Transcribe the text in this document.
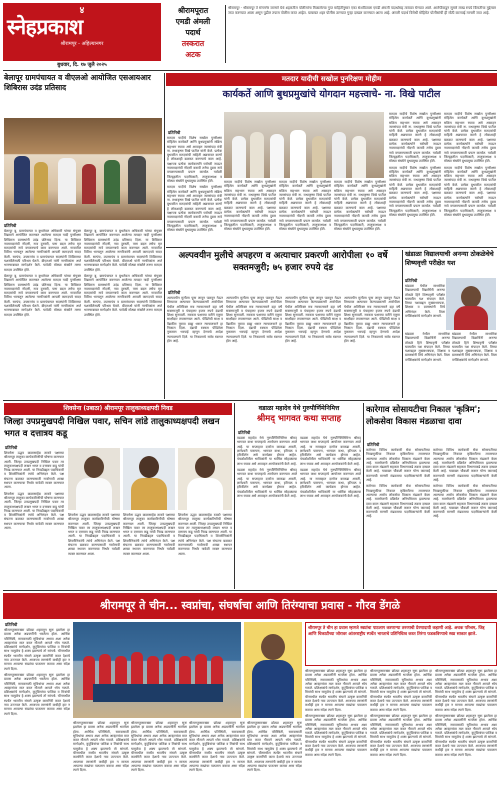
४
स्नेहप्रकाश
श्रीरामपूर - अहिल्यानगर
बुधवार, दि. १७ जुलै २०२५
श्रीरामपूरात
एमडी अंमली
पदार्थ
तस्करात
अटक

श्रीरामपूर - श्रीरामपूर ते संगमनेर जाणारे येथे शहरातील पोलीसांना मिळालेल्या गुप्त माहितीनुसार एका संशयिताला एमडी अंमली पदार्थासह ताब्यात घेण्यात आले. आरोपीकडून सुमारे लाख रुपये किंमतीचा मुद्देमाल जप्त करण्यात आला असून पुढील तपास पोलीस करत आहेत. याबाबत शहर पोलीस ठाण्यात गुन्हा दाखल करण्यात आला आहे. अंमली पदार्थ विरोधी मोहिमेत पोलीसांची ही मोठी कारवाई मानली जात आहे.

बेलापूर ग्रामपंचायत व वीएलओ आयोजित एसआयआर शिबिरास उदंड प्रतिसाद
प्रतिनिधी

बेलापूर बु. ग्रामपंचायत व बुथलेवल अधिकारी यांच्या संयुक्त विद्यमाने आयोजित करण्यात आलेल्या मतदार यादी पुनरीक्षण शिबिरास ग्रामस्थांनी उदंड प्रतिसाद दिला. या शिबिरात नवमतदारांची नोंदणी, नाव दुरुस्ती, पत्ता बदल तसेच मृत मतदारांची नावे वगळण्याचे काम करण्यात आले. गावातील विविध भागातून आलेल्या नागरिकांनी आपली कागदपत्रे सादर केली. सरपंच, उपसरपंच व ग्रामपंचायत सदस्यांनी शिबिराच्या यशस्वीतेसाठी परिश्रम घेतले. बीएलओ यांनी नागरिकांना अर्ज भरण्याबाबत मार्गदर्शन केले. यावेळी मोठ्या संख्येने तरुण मतदार उपस्थित होते.

बेलापूर बु. ग्रामपंचायत व बुथलेवल अधिकारी यांच्या संयुक्त विद्यमाने आयोजित करण्यात आलेल्या मतदार यादी पुनरीक्षण शिबिरास ग्रामस्थांनी उदंड प्रतिसाद दिला. या शिबिरात नवमतदारांची नोंदणी, नाव दुरुस्ती, पत्ता बदल तसेच मृत मतदारांची नावे वगळण्याचे काम करण्यात आले. गावातील विविध भागातून आलेल्या नागरिकांनी आपली कागदपत्रे सादर केली. सरपंच, उपसरपंच व ग्रामपंचायत सदस्यांनी शिबिराच्या यशस्वीतेसाठी परिश्रम घेतले. बीएलओ यांनी नागरिकांना अर्ज भरण्याबाबत मार्गदर्शन केले. यावेळी मोठ्या संख्येने तरुण मतदार उपस्थित होते.

बेलापूर बु. ग्रामपंचायत व बुथलेवल अधिकारी यांच्या संयुक्त विद्यमाने आयोजित करण्यात आलेल्या मतदार यादी पुनरीक्षण शिबिरास ग्रामस्थांनी उदंड प्रतिसाद दिला. या शिबिरात नवमतदारांची नोंदणी, नाव दुरुस्ती, पत्ता बदल तसेच मृत मतदारांची नावे वगळण्याचे काम करण्यात आले. गावातील विविध भागातून आलेल्या नागरिकांनी आपली कागदपत्रे सादर केली. सरपंच, उपसरपंच व ग्रामपंचायत सदस्यांनी शिबिराच्या यशस्वीतेसाठी परिश्रम घेतले. बीएलओ यांनी नागरिकांना अर्ज भरण्याबाबत मार्गदर्शन केले. यावेळी मोठ्या संख्येने तरुण मतदार उपस्थित होते.

बेलापूर बु. ग्रामपंचायत व बुथलेवल अधिकारी यांच्या संयुक्त विद्यमाने आयोजित करण्यात आलेल्या मतदार यादी पुनरीक्षण शिबिरास ग्रामस्थांनी उदंड प्रतिसाद दिला. या शिबिरात नवमतदारांची नोंदणी, नाव दुरुस्ती, पत्ता बदल तसेच मृत मतदारांची नावे वगळण्याचे काम करण्यात आले. गावातील विविध भागातून आलेल्या नागरिकांनी आपली कागदपत्रे सादर केली. सरपंच, उपसरपंच व ग्रामपंचायत सदस्यांनी शिबिराच्या यशस्वीतेसाठी परिश्रम घेतले. बीएलओ यांनी नागरिकांना अर्ज भरण्याबाबत मार्गदर्शन केले. यावेळी मोठ्या संख्येने तरुण मतदार उपस्थित होते.

मतदार यादीची सखोल पुनरिक्षण मोहीम
कार्यकर्ते आणि बुथप्रमुखांचे योगदान महत्त्वाचे- ना. विखे पाटील
प्रतिनिधी

मतदार यादीचे विशेष सखोल पुनरीक्षण मोहिमेत कार्यकर्ते आणि बुथप्रमुखांनी सक्रिय सहभाग घ्यावा असे आवाहन जलसंपदा मंत्री ना. राधाकृष्ण विखे पाटील यांनी केले. प्रत्येक बुथवरील मतदारांची माहिती अद्ययावत करणे हे लोकशाही बळकट करण्याचे काम आहे. पक्षाच्या प्रत्येक कार्यकर्त्याने घरोघरी जाऊन नवमतदारांची नोंदणी करावी तसेच दुबार नावे वगळण्यासाठी प्रयत्न करावेत. यावेळी जिल्ह्यातील पदाधिकारी, तालुकाध्यक्ष व मोठ्या संख्येने बुथप्रमुख उपस्थित होते.

मतदार यादीचे विशेष सखोल पुनरीक्षण मोहिमेत कार्यकर्ते आणि बुथप्रमुखांनी सक्रिय सहभाग घ्यावा असे आवाहन जलसंपदा मंत्री ना. राधाकृष्ण विखे पाटील यांनी केले. प्रत्येक बुथवरील मतदारांची माहिती अद्ययावत करणे हे लोकशाही बळकट करण्याचे काम आहे. पक्षाच्या प्रत्येक कार्यकर्त्याने घरोघरी जाऊन नवमतदारांची नोंदणी करावी तसेच दुबार नावे वगळण्यासाठी प्रयत्न करावेत. यावेळी जिल्ह्यातील पदाधिकारी, तालुकाध्यक्ष व मोठ्या संख्येने बुथप्रमुख उपस्थित होते.

मतदार यादीचे विशेष सखोल पुनरीक्षण मोहिमेत कार्यकर्ते आणि बुथप्रमुखांनी सक्रिय सहभाग घ्यावा असे आवाहन जलसंपदा मंत्री ना. राधाकृष्ण विखे पाटील यांनी केले. प्रत्येक बुथवरील मतदारांची माहिती अद्ययावत करणे हे लोकशाही बळकट करण्याचे काम आहे. पक्षाच्या प्रत्येक कार्यकर्त्याने घरोघरी जाऊन नवमतदारांची नोंदणी करावी तसेच दुबार नावे वगळण्यासाठी प्रयत्न करावेत. यावेळी जिल्ह्यातील पदाधिकारी, तालुकाध्यक्ष व मोठ्या संख्येने बुथप्रमुख उपस्थित होते.

मतदार यादीचे विशेष सखोल पुनरीक्षण मोहिमेत कार्यकर्ते आणि बुथप्रमुखांनी सक्रिय सहभाग घ्यावा असे आवाहन जलसंपदा मंत्री ना. राधाकृष्ण विखे पाटील यांनी केले. प्रत्येक बुथवरील मतदारांची माहिती अद्ययावत करणे हे लोकशाही बळकट करण्याचे काम आहे. पक्षाच्या प्रत्येक कार्यकर्त्याने घरोघरी जाऊन नवमतदारांची नोंदणी करावी तसेच दुबार नावे वगळण्यासाठी प्रयत्न करावेत. यावेळी जिल्ह्यातील पदाधिकारी, तालुकाध्यक्ष व मोठ्या संख्येने बुथप्रमुख उपस्थित होते.

मतदार यादीचे विशेष सखोल पुनरीक्षण मोहिमेत कार्यकर्ते आणि बुथप्रमुखांनी सक्रिय सहभाग घ्यावा असे आवाहन जलसंपदा मंत्री ना. राधाकृष्ण विखे पाटील यांनी केले. प्रत्येक बुथवरील मतदारांची माहिती अद्ययावत करणे हे लोकशाही बळकट करण्याचे काम आहे. पक्षाच्या प्रत्येक कार्यकर्त्याने घरोघरी जाऊन नवमतदारांची नोंदणी करावी तसेच दुबार नावे वगळण्यासाठी प्रयत्न करावेत. यावेळी जिल्ह्यातील पदाधिकारी, तालुकाध्यक्ष व मोठ्या संख्येने बुथप्रमुख उपस्थित होते.

मतदार यादीचे विशेष सखोल पुनरीक्षण मोहिमेत कार्यकर्ते आणि बुथप्रमुखांनी सक्रिय सहभाग घ्यावा असे आवाहन जलसंपदा मंत्री ना. राधाकृष्ण विखे पाटील यांनी केले. प्रत्येक बुथवरील मतदारांची माहिती अद्ययावत करणे हे लोकशाही बळकट करण्याचे काम आहे. पक्षाच्या प्रत्येक कार्यकर्त्याने घरोघरी जाऊन नवमतदारांची नोंदणी करावी तसेच दुबार नावे वगळण्यासाठी प्रयत्न करावेत. यावेळी जिल्ह्यातील पदाधिकारी, तालुकाध्यक्ष व मोठ्या संख्येने बुथप्रमुख उपस्थित होते.

मतदार यादीचे विशेष सखोल पुनरीक्षण मोहिमेत कार्यकर्ते आणि बुथप्रमुखांनी सक्रिय सहभाग घ्यावा असे आवाहन जलसंपदा मंत्री ना. राधाकृष्ण विखे पाटील यांनी केले. प्रत्येक बुथवरील मतदारांची माहिती अद्ययावत करणे हे लोकशाही बळकट करण्याचे काम आहे. पक्षाच्या प्रत्येक कार्यकर्त्याने घरोघरी जाऊन नवमतदारांची नोंदणी करावी तसेच दुबार नावे वगळण्यासाठी प्रयत्न करावेत. यावेळी जिल्ह्यातील पदाधिकारी, तालुकाध्यक्ष व मोठ्या संख्येने बुथप्रमुख उपस्थित होते.

मतदार यादीचे विशेष सखोल पुनरीक्षण मोहिमेत कार्यकर्ते आणि बुथप्रमुखांनी सक्रिय सहभाग घ्यावा असे आवाहन जलसंपदा मंत्री ना. राधाकृष्ण विखे पाटील यांनी केले. प्रत्येक बुथवरील मतदारांची माहिती अद्ययावत करणे हे लोकशाही बळकट करण्याचे काम आहे. पक्षाच्या प्रत्येक कार्यकर्त्याने घरोघरी जाऊन नवमतदारांची नोंदणी करावी तसेच दुबार नावे वगळण्यासाठी प्रयत्न करावेत. यावेळी जिल्ह्यातील पदाधिकारी, तालुकाध्यक्ष व मोठ्या संख्येने बुथप्रमुख उपस्थित होते.

मतदार यादीचे विशेष सखोल पुनरीक्षण मोहिमेत कार्यकर्ते आणि बुथप्रमुखांनी सक्रिय सहभाग घ्यावा असे आवाहन जलसंपदा मंत्री ना. राधाकृष्ण विखे पाटील यांनी केले. प्रत्येक बुथवरील मतदारांची माहिती अद्ययावत करणे हे लोकशाही बळकट करण्याचे काम आहे. पक्षाच्या प्रत्येक कार्यकर्त्याने घरोघरी जाऊन नवमतदारांची नोंदणी करावी तसेच दुबार नावे वगळण्यासाठी प्रयत्न करावेत. यावेळी जिल्ह्यातील पदाधिकारी, तालुकाध्यक्ष व मोठ्या संख्येने बुथप्रमुख उपस्थित होते.

अल्पवयीन मुलीचे अपहरण व अत्याचार प्रकरणी आरोपीला १० वर्षे सक्तमजुरी; ७५ हजार रुपये दंड
प्रतिनिधी

अल्पवयीन मुलीला फूस लावून पळवून नेऊन तिच्यावर अत्याचार केल्याप्रकरणी आरोपीला येथील अतिरिक्त सत्र न्यायालयाने दहा वर्षे सक्तमजुरी व पंचाहत्तर हजार रुपये दंडाची शिक्षा सुनावली. सरकार पक्षाच्या वतीने एकूण साक्षीदार तपासण्यात आले. पीडितेची साक्ष व वैद्यकीय पुरावा ग्राह्य धरून न्यायालयाने हा निकाल दिला. दंडाची रक्कम पीडितेला नुकसान भरपाई म्हणून देण्याचे आदेश न्यायालयाने दिले. या निकालाचे सर्वत्र स्वागत होत आहे.

अल्पवयीन मुलीला फूस लावून पळवून नेऊन तिच्यावर अत्याचार केल्याप्रकरणी आरोपीला येथील अतिरिक्त सत्र न्यायालयाने दहा वर्षे सक्तमजुरी व पंचाहत्तर हजार रुपये दंडाची शिक्षा सुनावली. सरकार पक्षाच्या वतीने एकूण साक्षीदार तपासण्यात आले. पीडितेची साक्ष व वैद्यकीय पुरावा ग्राह्य धरून न्यायालयाने हा निकाल दिला. दंडाची रक्कम पीडितेला नुकसान भरपाई म्हणून देण्याचे आदेश न्यायालयाने दिले. या निकालाचे सर्वत्र स्वागत होत आहे.

अल्पवयीन मुलीला फूस लावून पळवून नेऊन तिच्यावर अत्याचार केल्याप्रकरणी आरोपीला येथील अतिरिक्त सत्र न्यायालयाने दहा वर्षे सक्तमजुरी व पंचाहत्तर हजार रुपये दंडाची शिक्षा सुनावली. सरकार पक्षाच्या वतीने एकूण साक्षीदार तपासण्यात आले. पीडितेची साक्ष व वैद्यकीय पुरावा ग्राह्य धरून न्यायालयाने हा निकाल दिला. दंडाची रक्कम पीडितेला नुकसान भरपाई म्हणून देण्याचे आदेश न्यायालयाने दिले. या निकालाचे सर्वत्र स्वागत होत आहे.

अल्पवयीन मुलीला फूस लावून पळवून नेऊन तिच्यावर अत्याचार केल्याप्रकरणी आरोपीला येथील अतिरिक्त सत्र न्यायालयाने दहा वर्षे सक्तमजुरी व पंचाहत्तर हजार रुपये दंडाची शिक्षा सुनावली. सरकार पक्षाच्या वतीने एकूण साक्षीदार तपासण्यात आले. पीडितेची साक्ष व वैद्यकीय पुरावा ग्राह्य धरून न्यायालयाने हा निकाल दिला. दंडाची रक्कम पीडितेला नुकसान भरपाई म्हणून देण्याचे आदेश न्यायालयाने दिले. या निकालाचे सर्वत्र स्वागत होत आहे.

खंडाळा विद्यालयाची अनन्या ठोकळेचेचे शिष्यवृत्ती परीक्षेत यश
प्रतिनिधी

खंडाळा येथील माध्यमिक विद्यालयाची विद्यार्थिनी अनन्या ठोकळे हिने शिष्यवृत्ती परीक्षेत घवघवीत यश संपादन केले. तिच्या यशाबद्दल मुख्याध्यापक, शिक्षक व ग्रामस्थांनी तिचे अभिनंदन केले. तिला वर्गशिक्षकांचे मार्गदर्शन लाभले.

खंडाळा येथील माध्यमिक विद्यालयाची विद्यार्थिनी अनन्या ठोकळे हिने शिष्यवृत्ती परीक्षेत घवघवीत यश संपादन केले. तिच्या यशाबद्दल मुख्याध्यापक, शिक्षक व ग्रामस्थांनी तिचे अभिनंदन केले. तिला वर्गशिक्षकांचे मार्गदर्शन लाभले.

खंडाळा येथील माध्यमिक विद्यालयाची विद्यार्थिनी अनन्या ठोकळे हिने शिष्यवृत्ती परीक्षेत घवघवीत यश संपादन केले. तिच्या यशाबद्दल मुख्याध्यापक, शिक्षक व ग्रामस्थांनी तिचे अभिनंदन केले. तिला वर्गशिक्षकांचे मार्गदर्शन लाभले.

शिवसेना (उबाठा) श्रीरामपूर तालुकाध्यक्षपदी निवड
जिल्हा उपप्रमुखपदी निखिल पवार, सचिन लांडे तालुकाध्यक्षपदी लखन भगत व दत्तात्रय कडू
प्रतिनिधी

शिवसेना उद्धव बाळासाहेब ठाकरे पक्षाच्या श्रीरामपूर तालुका कार्यकारिणीची घोषणा करण्यात आली. जिल्हा उपप्रमुखपदी निखिल पवार तर तालुकाध्यक्षपदी लखन भगत व दत्तात्रय कडू यांची निवड करण्यात आली. या निवडीबद्दल पदाधिकारी व शिवसैनिकांनी त्यांचे अभिनंदन केले. पक्ष संघटना बळकट करण्यासाठी गावोगावी शाखा स्थापन करण्याचा निर्धार यावेळी व्यक्त करण्यात आला.

शिवसेना उद्धव बाळासाहेब ठाकरे पक्षाच्या श्रीरामपूर तालुका कार्यकारिणीची घोषणा करण्यात आली. जिल्हा उपप्रमुखपदी निखिल पवार तर तालुकाध्यक्षपदी लखन भगत व दत्तात्रय कडू यांची निवड करण्यात आली. या निवडीबद्दल पदाधिकारी व शिवसैनिकांनी त्यांचे अभिनंदन केले. पक्ष संघटना बळकट करण्यासाठी गावोगावी शाखा स्थापन करण्याचा निर्धार यावेळी व्यक्त करण्यात आला.

शिवसेना उद्धव बाळासाहेब ठाकरे पक्षाच्या श्रीरामपूर तालुका कार्यकारिणीची घोषणा करण्यात आली. जिल्हा उपप्रमुखपदी निखिल पवार तर तालुकाध्यक्षपदी लखन भगत व दत्तात्रय कडू यांची निवड करण्यात आली. या निवडीबद्दल पदाधिकारी व शिवसैनिकांनी त्यांचे अभिनंदन केले. पक्ष संघटना बळकट करण्यासाठी गावोगावी शाखा स्थापन करण्याचा निर्धार यावेळी व्यक्त करण्यात आला.

शिवसेना उद्धव बाळासाहेब ठाकरे पक्षाच्या श्रीरामपूर तालुका कार्यकारिणीची घोषणा करण्यात आली. जिल्हा उपप्रमुखपदी निखिल पवार तर तालुकाध्यक्षपदी लखन भगत व दत्तात्रय कडू यांची निवड करण्यात आली. या निवडीबद्दल पदाधिकारी व शिवसैनिकांनी त्यांचे अभिनंदन केले. पक्ष संघटना बळकट करण्यासाठी गावोगावी शाखा स्थापन करण्याचा निर्धार यावेळी व्यक्त करण्यात आला.

शिवसेना उद्धव बाळासाहेब ठाकरे पक्षाच्या श्रीरामपूर तालुका कार्यकारिणीची घोषणा करण्यात आली. जिल्हा उपप्रमुखपदी निखिल पवार तर तालुकाध्यक्षपदी लखन भगत व दत्तात्रय कडू यांची निवड करण्यात आली. या निवडीबद्दल पदाधिकारी व शिवसैनिकांनी त्यांचे अभिनंदन केले. पक्ष संघटना बळकट करण्यासाठी गावोगावी शाखा स्थापन करण्याचा निर्धार यावेळी व्यक्त करण्यात आला.

वडाळा महादेव येथे गुरुपौर्णिमेनिमित्त
श्रीमद्‌ भागवत कथा सप्ताह
प्रतिनिधी

वडाळा महादेव येथे गुरुपौर्णिमेनिमित्त श्रीमद्‌ भागवत कथा सप्ताहाचे आयोजन करण्यात आले आहे. या सप्ताहात दररोज काकडा आरती, ज्ञानेश्वरी पारायण, भागवत कथा, हरिपाठ व हरिकीर्तन असे कार्यक्रम होणार आहेत. पंचक्रोशीतील भाविकांनी या धार्मिक सोहळ्याचा लाभ घ्यावा असे आवाहन आयोजकांनी केले आहे.

वडाळा महादेव येथे गुरुपौर्णिमेनिमित्त श्रीमद्‌ भागवत कथा सप्ताहाचे आयोजन करण्यात आले आहे. या सप्ताहात दररोज काकडा आरती, ज्ञानेश्वरी पारायण, भागवत कथा, हरिपाठ व हरिकीर्तन असे कार्यक्रम होणार आहेत. पंचक्रोशीतील भाविकांनी या धार्मिक सोहळ्याचा लाभ घ्यावा असे आवाहन आयोजकांनी केले आहे.

वडाळा महादेव येथे गुरुपौर्णिमेनिमित्त श्रीमद्‌ भागवत कथा सप्ताहाचे आयोजन करण्यात आले आहे. या सप्ताहात दररोज काकडा आरती, ज्ञानेश्वरी पारायण, भागवत कथा, हरिपाठ व हरिकीर्तन असे कार्यक्रम होणार आहेत. पंचक्रोशीतील भाविकांनी या धार्मिक सोहळ्याचा लाभ घ्यावा असे आवाहन आयोजकांनी केले आहे.

वडाळा महादेव येथे गुरुपौर्णिमेनिमित्त श्रीमद्‌ भागवत कथा सप्ताहाचे आयोजन करण्यात आले आहे. या सप्ताहात दररोज काकडा आरती, ज्ञानेश्वरी पारायण, भागवत कथा, हरिपाठ व हरिकीर्तन असे कार्यक्रम होणार आहेत. पंचक्रोशीतील भाविकांनी या धार्मिक सोहळ्याचा लाभ घ्यावा असे आवाहन आयोजकांनी केले आहे.

कारेगाव सोसायटीचा निकाल 'कृत्रिम'; लोकसेवा विकास मंडळाचा दावा
प्रतिनिधी

कारेगाव विविध कार्यकारी सेवा सोसायटीच्या निवडणुकीचा निकाल कृत्रिमरीत्या लावण्यात आल्याचा आरोप लोकसेवा विकास मंडळाने केला आहे. मतमोजणी प्रक्रियेत अनियमितता झाल्याचा दावा करत मंडळाने सहकार विभागाकडे तक्रार दाखल केली आहे. याबाबत चौकशी करून योग्य कारवाई करण्याची मागणी मंडळाच्या पदाधिकाऱ्यांनी केली आहे.

कारेगाव विविध कार्यकारी सेवा सोसायटीच्या निवडणुकीचा निकाल कृत्रिमरीत्या लावण्यात आल्याचा आरोप लोकसेवा विकास मंडळाने केला आहे. मतमोजणी प्रक्रियेत अनियमितता झाल्याचा दावा करत मंडळाने सहकार विभागाकडे तक्रार दाखल केली आहे. याबाबत चौकशी करून योग्य कारवाई करण्याची मागणी मंडळाच्या पदाधिकाऱ्यांनी केली आहे.

कारेगाव विविध कार्यकारी सेवा सोसायटीच्या निवडणुकीचा निकाल कृत्रिमरीत्या लावण्यात आल्याचा आरोप लोकसेवा विकास मंडळाने केला आहे. मतमोजणी प्रक्रियेत अनियमितता झाल्याचा दावा करत मंडळाने सहकार विभागाकडे तक्रार दाखल केली आहे. याबाबत चौकशी करून योग्य कारवाई करण्याची मागणी मंडळाच्या पदाधिकाऱ्यांनी केली आहे.

कारेगाव विविध कार्यकारी सेवा सोसायटीच्या निवडणुकीचा निकाल कृत्रिमरीत्या लावण्यात आल्याचा आरोप लोकसेवा विकास मंडळाने केला आहे. मतमोजणी प्रक्रियेत अनियमितता झाल्याचा दावा करत मंडळाने सहकार विभागाकडे तक्रार दाखल केली आहे. याबाबत चौकशी करून योग्य कारवाई करण्याची मागणी मंडळाच्या पदाधिकाऱ्यांनी केली आहे.

श्रीरामपूर ते चीन... स्वप्नांचा, संघर्षाचा आणि तिरंग्याचा प्रवास - गौरव डेंगळे
प्रतिनिधी

श्रीरामपूरसारख्या छोट्या शहरातून सुरू झालेला हा प्रवास अनेक अडचणींनी भरलेला होता. आर्थिक परिस्थिती, सरावासाठी सुविधांचा अभाव अशा अनेक आव्हानांवर मात करत गौरवने आपले ध्येय गाठले. प्रशिक्षकांचे मार्गदर्शन, कुटुंबियांचा पाठिंबा व मित्रांची साथ यामुळेच हे शक्य झाल्याचे तो सांगतो. चीनमधील स्पर्धेत भारतीय संघाने उत्कृष्ट कामगिरी करत देशाचे नाव उज्ज्वल केले. आजच्या तरुणांनी कधीही हार न मानता आपल्या स्वप्नांचा पाठलाग करावा असा संदेश त्याने दिला.

श्रीरामपूरसारख्या छोट्या शहरातून सुरू झालेला हा प्रवास अनेक अडचणींनी भरलेला होता. आर्थिक परिस्थिती, सरावासाठी सुविधांचा अभाव अशा अनेक आव्हानांवर मात करत गौरवने आपले ध्येय गाठले. प्रशिक्षकांचे मार्गदर्शन, कुटुंबियांचा पाठिंबा व मित्रांची साथ यामुळेच हे शक्य झाल्याचे तो सांगतो. चीनमधील स्पर्धेत भारतीय संघाने उत्कृष्ट कामगिरी करत देशाचे नाव उज्ज्वल केले. आजच्या तरुणांनी कधीही हार न मानता आपल्या स्वप्नांचा पाठलाग करावा असा संदेश त्याने दिला.

श्रीरामपूरसारख्या छोट्या शहरातून सुरू झालेला हा प्रवास अनेक अडचणींनी भरलेला होता. आर्थिक परिस्थिती, सरावासाठी सुविधांचा अभाव अशा अनेक आव्हानांवर मात करत गौरवने आपले ध्येय गाठले. प्रशिक्षकांचे मार्गदर्शन, कुटुंबियांचा पाठिंबा व मित्रांची साथ यामुळेच हे शक्य झाल्याचे तो सांगतो. चीनमधील स्पर्धेत भारतीय संघाने उत्कृष्ट कामगिरी करत देशाचे नाव उज्ज्वल केले. आजच्या तरुणांनी कधीही हार न मानता आपल्या स्वप्नांचा पाठलाग करावा असा संदेश त्याने दिला.

श्रीरामपूरसारख्या छोट्या शहरातून सुरू झालेला हा प्रवास अनेक अडचणींनी भरलेला होता. आर्थिक परिस्थिती, सरावासाठी सुविधांचा अभाव अशा अनेक आव्हानांवर मात करत गौरवने आपले ध्येय गाठले. प्रशिक्षकांचे मार्गदर्शन, कुटुंबियांचा पाठिंबा व मित्रांची साथ यामुळेच हे शक्य झाल्याचे तो सांगतो. चीनमधील स्पर्धेत भारतीय संघाने उत्कृष्ट कामगिरी करत देशाचे नाव उज्ज्वल केले. आजच्या तरुणांनी कधीही हार न मानता आपल्या स्वप्नांचा पाठलाग करावा असा संदेश त्याने दिला.

श्रीरामपूरसारख्या छोट्या शहरातून सुरू झालेला हा प्रवास अनेक अडचणींनी भरलेला होता. आर्थिक परिस्थिती, सरावासाठी सुविधांचा अभाव अशा अनेक आव्हानांवर मात करत गौरवने आपले ध्येय गाठले. प्रशिक्षकांचे मार्गदर्शन, कुटुंबियांचा पाठिंबा व मित्रांची साथ यामुळेच हे शक्य झाल्याचे तो सांगतो. चीनमधील स्पर्धेत भारतीय संघाने उत्कृष्ट कामगिरी करत देशाचे नाव उज्ज्वल केले. आजच्या तरुणांनी कधीही हार न मानता आपल्या स्वप्नांचा पाठलाग करावा असा संदेश त्याने दिला.

श्रीरामपूरसारख्या छोट्या शहरातून सुरू झालेला हा प्रवास अनेक अडचणींनी भरलेला होता. आर्थिक परिस्थिती, सरावासाठी सुविधांचा अभाव अशा अनेक आव्हानांवर मात करत गौरवने आपले ध्येय गाठले. प्रशिक्षकांचे मार्गदर्शन, कुटुंबियांचा पाठिंबा व मित्रांची साथ यामुळेच हे शक्य झाल्याचे तो सांगतो. चीनमधील स्पर्धेत भारतीय संघाने उत्कृष्ट कामगिरी करत देशाचे नाव उज्ज्वल केले. आजच्या तरुणांनी कधीही हार न मानता आपल्या स्वप्नांचा पाठलाग करावा असा संदेश त्याने दिला.

श्रीरामपूर ते चीन हा प्रवास म्हणजे स्वप्नांचा पाठलाग करणाऱ्या तरुणाची प्रेरणादायी कहाणी आहे. अथक परिश्रम, जिद्द आणि चिकाटीच्या जोरावर आंतरराष्ट्रीय स्पर्धेत भारताचे प्रतिनिधित्व करत तिरंगा फडकविण्याचे स्वप्न साकार झाले.

श्रीरामपूरसारख्या छोट्या शहरातून सुरू झालेला हा प्रवास अनेक अडचणींनी भरलेला होता. आर्थिक परिस्थिती, सरावासाठी सुविधांचा अभाव अशा अनेक आव्हानांवर मात करत गौरवने आपले ध्येय गाठले. प्रशिक्षकांचे मार्गदर्शन, कुटुंबियांचा पाठिंबा व मित्रांची साथ यामुळेच हे शक्य झाल्याचे तो सांगतो. चीनमधील स्पर्धेत भारतीय संघाने उत्कृष्ट कामगिरी करत देशाचे नाव उज्ज्वल केले. आजच्या तरुणांनी कधीही हार न मानता आपल्या स्वप्नांचा पाठलाग करावा असा संदेश त्याने दिला.

श्रीरामपूरसारख्या छोट्या शहरातून सुरू झालेला हा प्रवास अनेक अडचणींनी भरलेला होता. आर्थिक परिस्थिती, सरावासाठी सुविधांचा अभाव अशा अनेक आव्हानांवर मात करत गौरवने आपले ध्येय गाठले. प्रशिक्षकांचे मार्गदर्शन, कुटुंबियांचा पाठिंबा व मित्रांची साथ यामुळेच हे शक्य झाल्याचे तो सांगतो. चीनमधील स्पर्धेत भारतीय संघाने उत्कृष्ट कामगिरी करत देशाचे नाव उज्ज्वल केले. आजच्या तरुणांनी कधीही हार न मानता आपल्या स्वप्नांचा पाठलाग करावा असा संदेश त्याने दिला.

श्रीरामपूरसारख्या छोट्या शहरातून सुरू झालेला हा प्रवास अनेक अडचणींनी भरलेला होता. आर्थिक परिस्थिती, सरावासाठी सुविधांचा अभाव अशा अनेक आव्हानांवर मात करत गौरवने आपले ध्येय गाठले. प्रशिक्षकांचे मार्गदर्शन, कुटुंबियांचा पाठिंबा व मित्रांची साथ यामुळेच हे शक्य झाल्याचे तो सांगतो. चीनमधील स्पर्धेत भारतीय संघाने उत्कृष्ट कामगिरी करत देशाचे नाव उज्ज्वल केले. आजच्या तरुणांनी कधीही हार न मानता आपल्या स्वप्नांचा पाठलाग करावा असा संदेश त्याने दिला.

श्रीरामपूरसारख्या छोट्या शहरातून सुरू झालेला हा प्रवास अनेक अडचणींनी भरलेला होता. आर्थिक परिस्थिती, सरावासाठी सुविधांचा अभाव अशा अनेक आव्हानांवर मात करत गौरवने आपले ध्येय गाठले. प्रशिक्षकांचे मार्गदर्शन, कुटुंबियांचा पाठिंबा व मित्रांची साथ यामुळेच हे शक्य झाल्याचे तो सांगतो. चीनमधील स्पर्धेत भारतीय संघाने उत्कृष्ट कामगिरी करत देशाचे नाव उज्ज्वल केले. आजच्या तरुणांनी कधीही हार न मानता आपल्या स्वप्नांचा पाठलाग करावा असा संदेश त्याने दिला.

श्रीरामपूरसारख्या छोट्या शहरातून सुरू झालेला हा प्रवास अनेक अडचणींनी भरलेला होता. आर्थिक परिस्थिती, सरावासाठी सुविधांचा अभाव अशा अनेक आव्हानांवर मात करत गौरवने आपले ध्येय गाठले. प्रशिक्षकांचे मार्गदर्शन, कुटुंबियांचा पाठिंबा व मित्रांची साथ यामुळेच हे शक्य झाल्याचे तो सांगतो. चीनमधील स्पर्धेत भारतीय संघाने उत्कृष्ट कामगिरी करत देशाचे नाव उज्ज्वल केले. आजच्या तरुणांनी कधीही हार न मानता आपल्या स्वप्नांचा पाठलाग करावा असा संदेश त्याने दिला.

श्रीरामपूरसारख्या छोट्या शहरातून सुरू झालेला हा प्रवास अनेक अडचणींनी भरलेला होता. आर्थिक परिस्थिती, सरावासाठी सुविधांचा अभाव अशा अनेक आव्हानांवर मात करत गौरवने आपले ध्येय गाठले. प्रशिक्षकांचे मार्गदर्शन, कुटुंबियांचा पाठिंबा व मित्रांची साथ यामुळेच हे शक्य झाल्याचे तो सांगतो. चीनमधील स्पर्धेत भारतीय संघाने उत्कृष्ट कामगिरी करत देशाचे नाव उज्ज्वल केले. आजच्या तरुणांनी कधीही हार न मानता आपल्या स्वप्नांचा पाठलाग करावा असा संदेश त्याने दिला.
